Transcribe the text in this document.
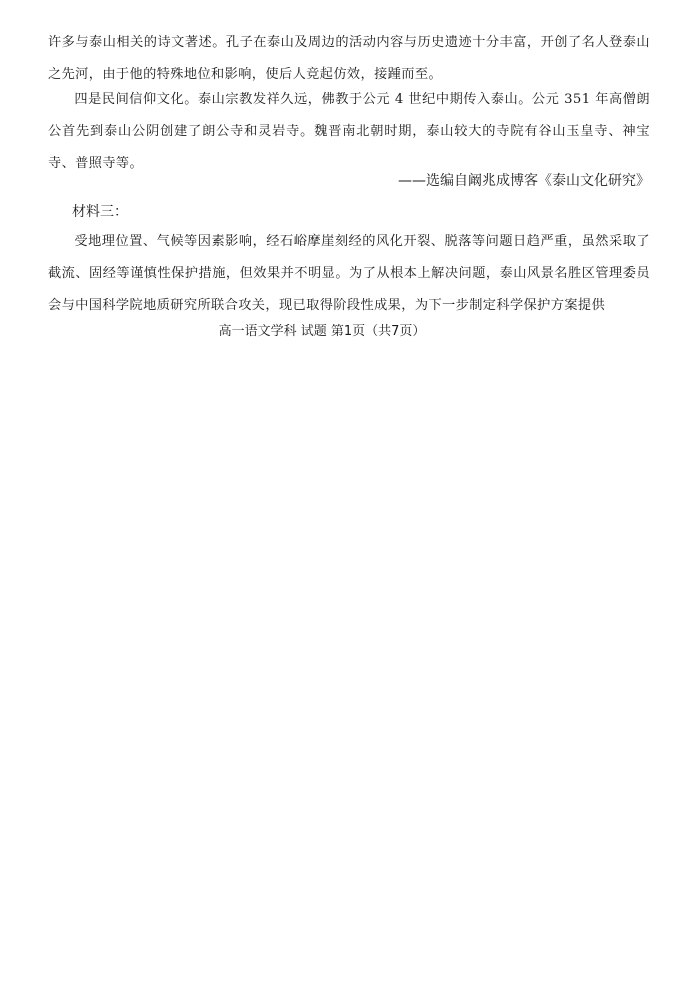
许多与泰山相关的诗文著述。孔子在泰山及周边的活动内容与历史遗迹十分丰富，开创了名人登泰山之先河，由于他的特殊地位和影响，使后人竞起仿效，接踵而至。
四是民间信仰文化。泰山宗教发祥久远，佛教于公元 4 世纪中期传入泰山。公元 351 年高僧朗公首先到泰山公阴创建了朗公寺和灵岩寺。魏晋南北朝时期，泰山较大的寺院有谷山玉皇寺、神宝寺、普照寺等。
——选编自阚兆成博客《泰山文化研究》
材料三：
受地理位置、气候等因素影响，经石峪摩崖刻经的风化开裂、脱落等问题日趋严重，虽然采取了截流、固经等谨慎性保护措施，但效果并不明显。为了从根本上解决问题，泰山风景名胜区管理委员会与中国科学院地质研究所联合攻关，现已取得阶段性成果，为下一步制定科学保护方案提供
高一语文学科 试题 第1页（共7页）
